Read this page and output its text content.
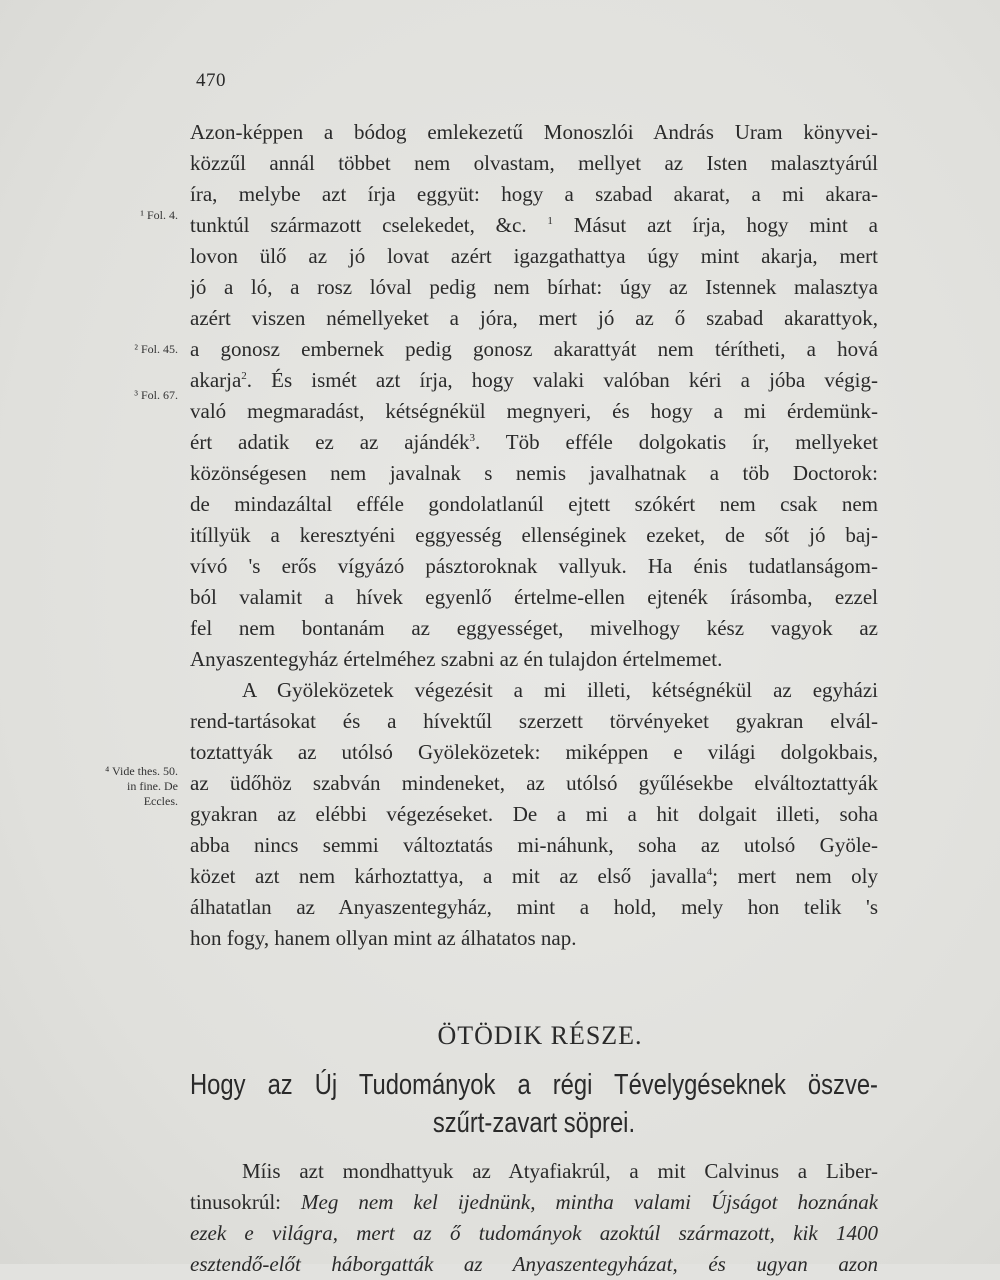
470
¹ Fol. 4.
² Fol. 45.
³ Fol. 67.
⁴ Vide thes. 50. in fine. De Eccles.
Azon-képpen a bódog emlekezetű Monoszlói András Uram könyvei-
közzűl annál többet nem olvastam, mellyet az Isten malasztyárúl
íra, melybe azt írja eggyüt: hogy a szabad akarat, a mi akara-
tunktúl származott cselekedet, &c. $^1$ Másut azt írja, hogy mint a
lovon ülő az jó lovat azért igazgathattya úgy mint akarja, mert
jó a ló, a rosz lóval pedig nem bírhat: úgy az Istennek malasztya
azért viszen némellyeket a jóra, mert jó az ő szabad akarattyok,
a gonosz embernek pedig gonosz akarattyát nem térítheti, a hová
akarja$^2$. És ismét azt írja, hogy valaki valóban kéri a jóba végig-
való megmaradást, kétségnékül megnyeri, és hogy a mi érdemünk-
ért adatik ez az ajándék$^3$. Töb efféle dolgokatis ír, mellyeket
közönségesen nem javalnak s nemis javalhatnak a töb Doctorok:
de mindazáltal efféle gondolatlanúl ejtett szókért nem csak nem
itíllyük a keresztyéni eggyesség ellenséginek ezeket, de sőt jó baj-
vívó 's erős vígyázó pásztoroknak vallyuk. Ha énis tudatlanságom-
ból valamit a hívek egyenlő értelme-ellen ejtenék írásomba, ezzel
fel nem bontanám az eggyességet, mivelhogy kész vagyok az
Anyaszentegyház értelméhez szabni az én tulajdon értelmemet.
A Gyöleközetek végezésit a mi illeti, kétségnékül az egyházi
rend-tartásokat és a hívektűl szerzett törvényeket gyakran elvál-
toztattyák az utólsó Gyöleközetek: miképpen e világi dolgokbais,
az üdőhöz szabván mindeneket, az utólsó gyűlésekbe elváltoztattyák
gyakran az elébbi végezéseket. De a mi a hit dolgait illeti, soha
abba nincs semmi változtatás mi-náhunk, soha az utolsó Gyöle-
közet azt nem kárhoztattya, a mit az első javalla$^4$; mert nem oly
álhatatlan az Anyaszentegyház, mint a hold, mely hon telik 's
hon fogy, hanem ollyan mint az álhatatos nap.
ÖTÖDIK RÉSZE.
Hogy az Új Tudományok a régi Tévelygéseknek öszve-
szűrt-zavart söprei.
Míis azt mondhattyuk az Atyafiakrúl, a mit Calvinus a Liber-
tinusokrúl: Meg nem kel ijednünk, mintha valami Újságot hoznának
ezek e világra, mert az ő tudományok azoktúl származott, kik 1400
esztendő-előt háborgatták az Anyaszentegyházat, és ugyan azon
